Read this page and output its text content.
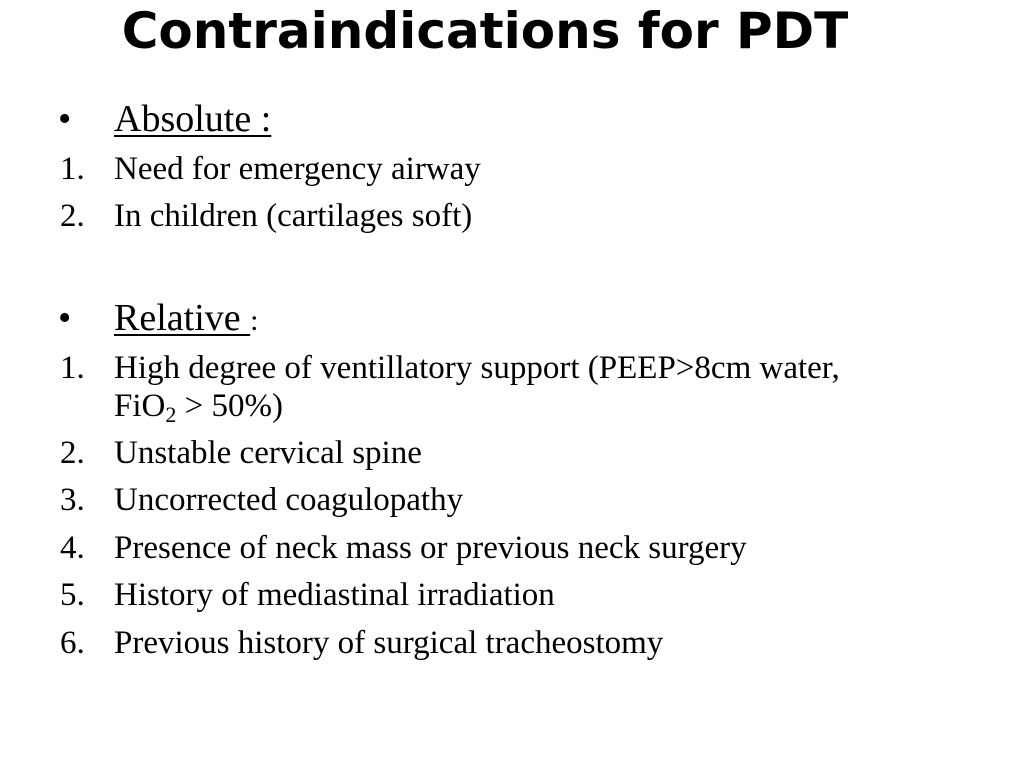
Contraindications for PDT
• Absolute :
1. Need for emergency airway
2. In children (cartilages soft)
• Relative :
1. High degree of ventillatory support (PEEP>8cm water,
FiO$_2$ > 50%)
2. Unstable cervical spine
3. Uncorrected coagulopathy
4. Presence of neck mass or previous neck surgery
5. History of mediastinal irradiation
6. Previous history of surgical tracheostomy
